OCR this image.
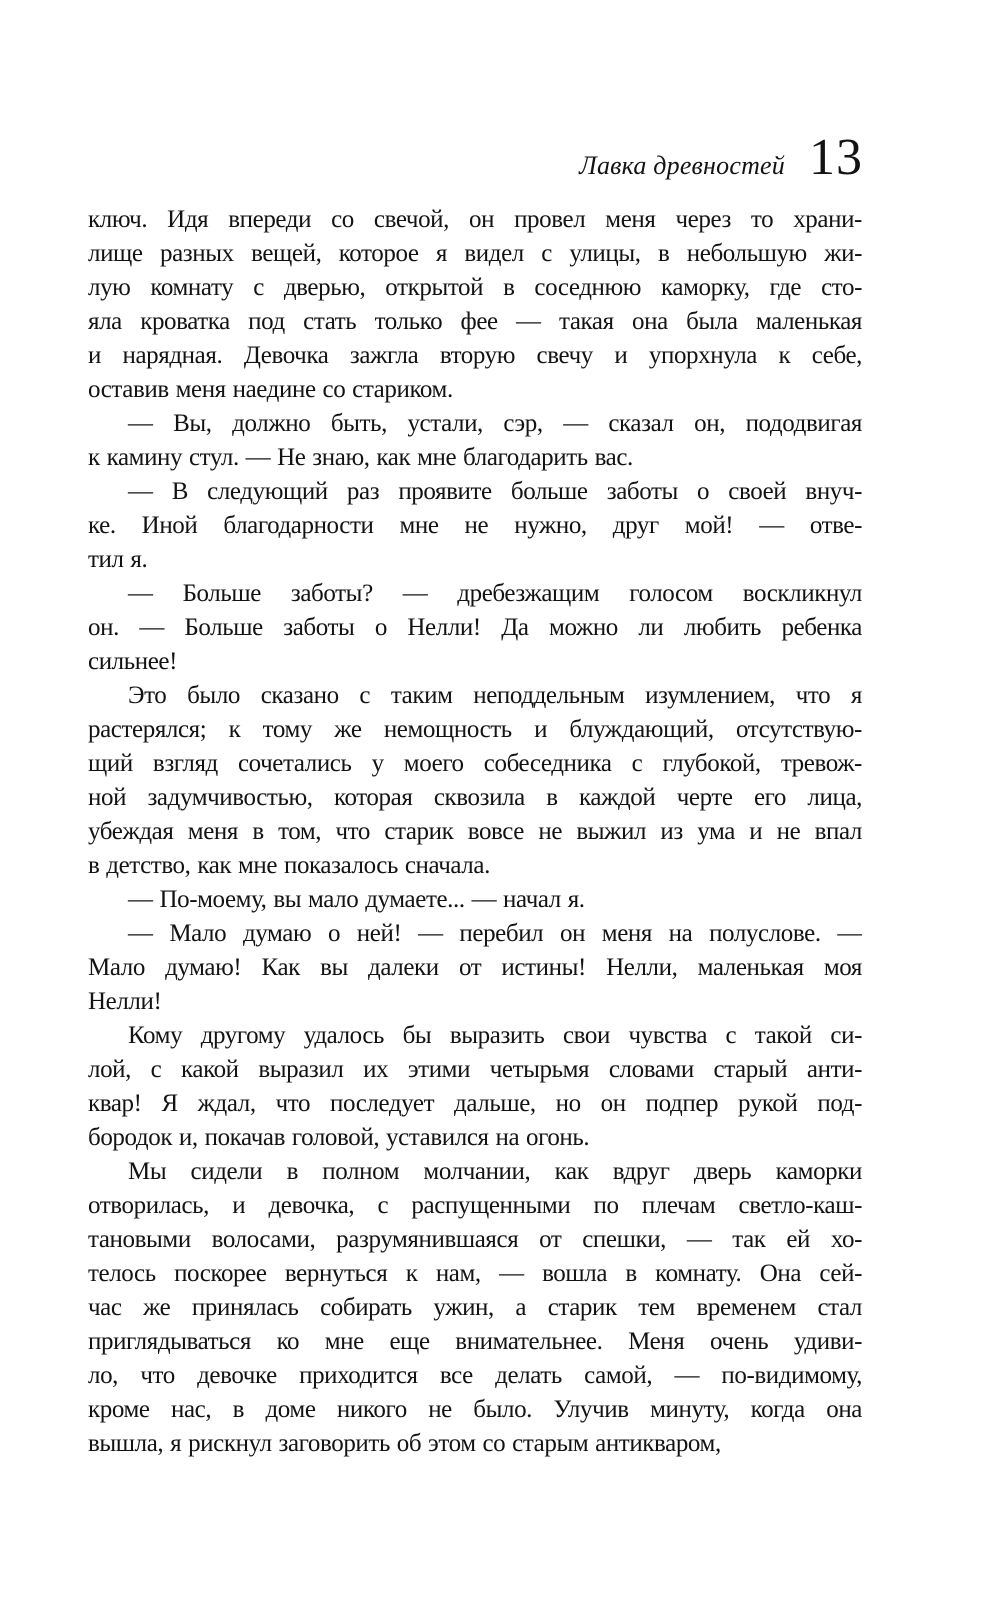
Лавка древностей 13
ключ. Идя впереди со свечой, он провел меня через то храни-
лище разных вещей, которое я видел с улицы, в небольшую жи-
лую комнату с дверью, открытой в соседнюю каморку, где сто-
яла кроватка под стать только фее — такая она была маленькая
и нарядная. Девочка зажгла вторую свечу и упорхнула к себе,
оставив меня наедине со стариком.
— Вы, должно быть, устали, сэр, — сказал он, пододвигая
к камину стул. — Не знаю, как мне благодарить вас.
— В следующий раз проявите больше заботы о своей внуч-
ке. Иной благодарности мне не нужно, друг мой! — отве-
тил я.
— Больше заботы? — дребезжащим голосом воскликнул
он. — Больше заботы о Нелли! Да можно ли любить ребенка
сильнее!
Это было сказано с таким неподдельным изумлением, что я
растерялся; к тому же немощность и блуждающий, отсутствую-
щий взгляд сочетались у моего собеседника с глубокой, тревож-
ной задумчивостью, которая сквозила в каждой черте его лица,
убеждая меня в том, что старик вовсе не выжил из ума и не впал
в детство, как мне показалось сначала.
— По-моему, вы мало думаете... — начал я.
— Мало думаю о ней! — перебил он меня на полуслове. —
Мало думаю! Как вы далеки от истины! Нелли, маленькая моя
Нелли!
Кому другому удалось бы выразить свои чувства с такой си-
лой, с какой выразил их этими четырьмя словами старый анти-
квар! Я ждал, что последует дальше, но он подпер рукой под-
бородок и, покачав головой, уставился на огонь.
Мы сидели в полном молчании, как вдруг дверь каморки
отворилась, и девочка, с распущенными по плечам светло-каш-
тановыми волосами, разрумянившаяся от спешки, — так ей хо-
телось поскорее вернуться к нам, — вошла в комнату. Она сей-
час же принялась собирать ужин, а старик тем временем стал
приглядываться ко мне еще внимательнее. Меня очень удиви-
ло, что девочке приходится все делать самой, — по-видимому,
кроме нас, в доме никого не было. Улучив минуту, когда она
вышла, я рискнул заговорить об этом со старым антикваром,
